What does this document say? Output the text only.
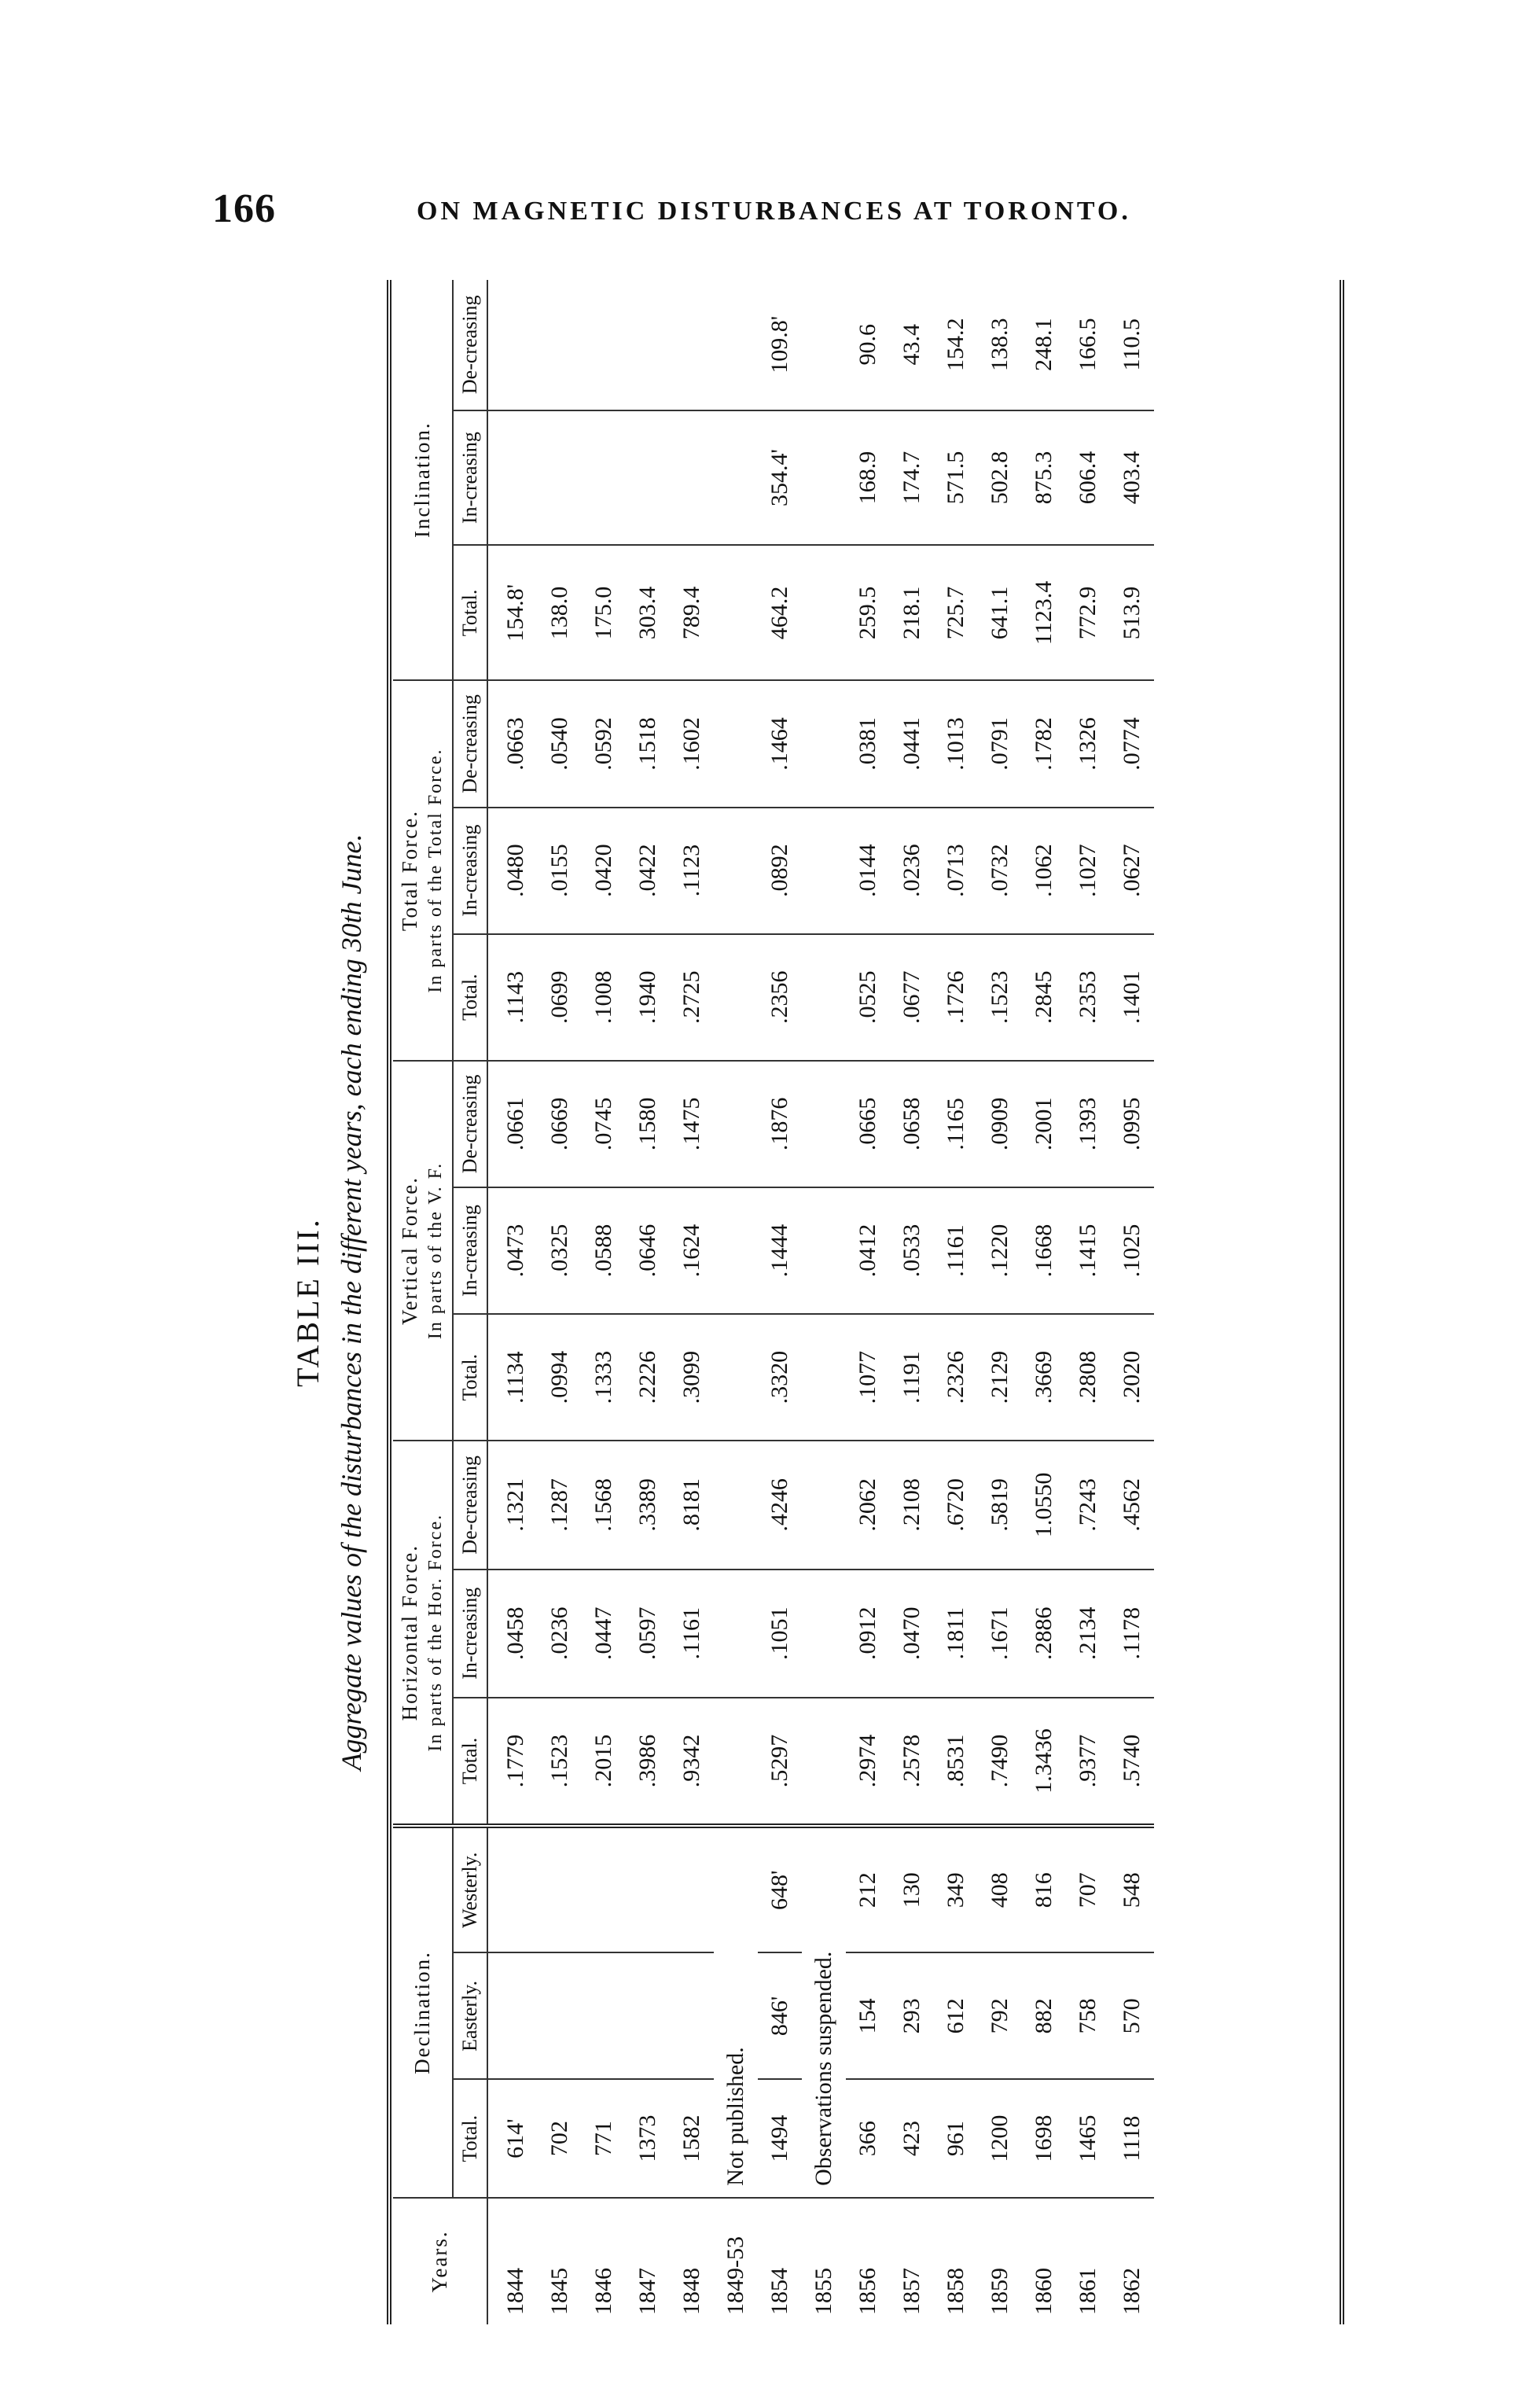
166	ON MAGNETIC DISTURBANCES AT TORONTO.
TABLE III. Aggregate values of the disturbances in the different years, each ending 30th June.
Years.	Declination.			Horizontal Force. In parts of the Hor. Force.			Vertical Force. In parts of the V. F.			Total Force. In parts of the Total Force.			Inclination.		
	Total.	Easterly.	Westerly.	Total.	In-creasing	De-creasing	Total.	In-creasing	De-creasing	Total.	In-creasing	De-creasing	Total.	In-creasing	De-creasing
1844	614'			.1779	.0458	.1321	.1134	.0473	.0661	.1143	.0480	.0663	154.8'		
1845	702			.1523	.0236	.1287	.0994	.0325	.0669	.0699	.0155	.0540	138.0		
1846	771			.2015	.0447	.1568	.1333	.0588	.0745	.1008	.0420	.0592	175.0		
1847	1373			.3986	.0597	.3389	.2226	.0646	.1580	.1940	.0422	.1518	303.4		
1848	1582			.9342	.1161	.8181	.3099	.1624	.1475	.2725	.1123	.1602	789.4		
1849-53	Not published.														
1854	1494	846'	648'	.5297	.1051	.4246	.3320	.1444	.1876	.2356	.0892	.1464	464.2	354.4'	109.8'
1855	Observations suspended.														
1856	366	154	212	.2974	.0912	.2062	.1077	.0412	.0665	.0525	.0144	.0381	259.5	168.9	90.6
1857	423	293	130	.2578	.0470	.2108	.1191	.0533	.0658	.0677	.0236	.0441	218.1	174.7	43.4
1858	961	612	349	.8531	.1811	.6720	.2326	.1161	.1165	.1726	.0713	.1013	725.7	571.5	154.2
1859	1200	792	408	.7490	.1671	.5819	.2129	.1220	.0909	.1523	.0732	.0791	641.1	502.8	138.3
1860	1698	882	816	1.3436	.2886	1.0550	.3669	.1668	.2001	.2845	.1062	.1782	1123.4	875.3	248.1
1861	1465	758	707	.9377	.2134	.7243	.2808	.1415	.1393	.2353	.1027	.1326	772.9	606.4	166.5
1862	1118	570	548	.5740	.1178	.4562	.2020	.1025	.0995	.1401	.0627	.0774	513.9	403.4	110.5
